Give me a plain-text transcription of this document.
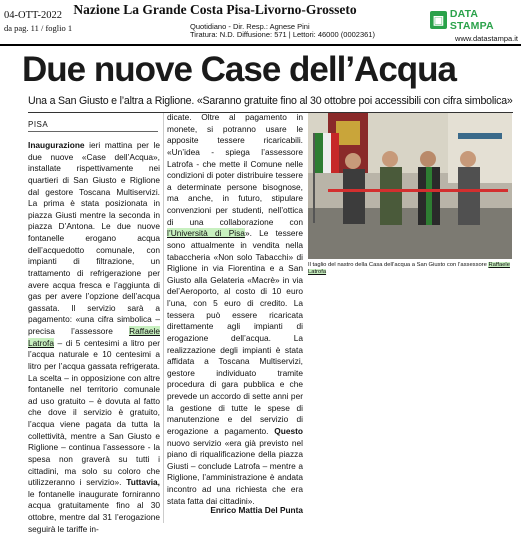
04-OTT-2022
da pag. 11 / foglio 1
Nazione La Grande Costa Pisa-Livorno-Grosseto
Quotidiano - Dir. Resp.: Agnese Pini
Tiratura: N.D. Diffusione: 571 | Lettori: 46000 (0002361)
▣ DATA STAMPA
www.datastampa.it
Due nuove Case dell’Acqua
Una a San Giusto e l’altra a Riglione. «Saranno gratuite fino al 30 ottobre poi accessibili con cifra simbolica»
PISA

Inaugurazione ieri mattina per le due nuove «Case dell’Acqua», installate rispettivamente nei quartieri di San Giusto e Riglione dal gestore Toscana Multiservizi. La prima è stata posizionata in piazza Giusti mentre la seconda in piazza D’Antona. Le due nuove fontanelle erogano acqua dell’acquedotto comunale, con impianti di filtrazione, un trattamento di refrigerazione per avere acqua fresca e l’aggiunta di gas per avere l’opzione dell’acqua gassata. Il servizio sarà a pagamento: «una cifra simbolica – precisa l’assessore Raffaele Latrofa – di 5 centesimi a litro per l’acqua naturale e 10 centesimi a litro per l’acqua gassata refrigerata. La scelta – in opposizione con altre fontanelle nel territorio comunale ad uso gratuito – è dovuta al fatto che dove il servizio è gratuito, l’acqua viene pagata da tutta la collettività, mentre a San Giusto e Riglione – continua l’assessore - la spesa non graverà su tutti i cittadini, ma solo su coloro che utilizzeranno i servizio». Tuttavia, le fontanelle inaugurate forniranno acqua gratuitamente fino al 30 ottobre, mentre dal 31 l’erogazione seguirà le tariffe in-

dicate. Oltre al pagamento in monete, si potranno usare le apposite tessere ricaricabili. «Un’idea - spiega l’assessore Latrofa - che mette il Comune nelle condizioni di poter distribuire tessere a determinate persone bisognose, ma anche, in futuro, stipulare convenzioni per studenti, nell’ottica di una collaborazione con l’Università di Pisa». Le tessere sono attualmente in vendita nella tabaccheria «Non solo Tabacchi» di Riglione in via Fiorentina e a San Giusto alla Gelateria «Macrè» in via del’Aeroporto, al costo di 10 euro l’una, con 5 euro di credito. La tessera può essere ricaricata direttamente agli impianti di erogazione dell’acqua. La realizzazione degli impianti è stata affidata a Toscana Multiservizi, gestore individuato tramite procedura di gara pubblica e che prevede un accordo di sette anni per la gestione di tutte le spese di manutenzione e del servizio di erogazione a pagamento. Questo nuovo servizio «era già previsto nel piano di riqualificazione della piazza Giusti – conclude Latrofa – mentre a Riglione, l’amministrazione è andata incontro ad una richiesta che era stata fatta dai cittadini».

Enrico Mattia Del Punta
Il taglio del nastro della Casa dell’acqua a San Giusto con l’assessore Raffaele Latrofa
